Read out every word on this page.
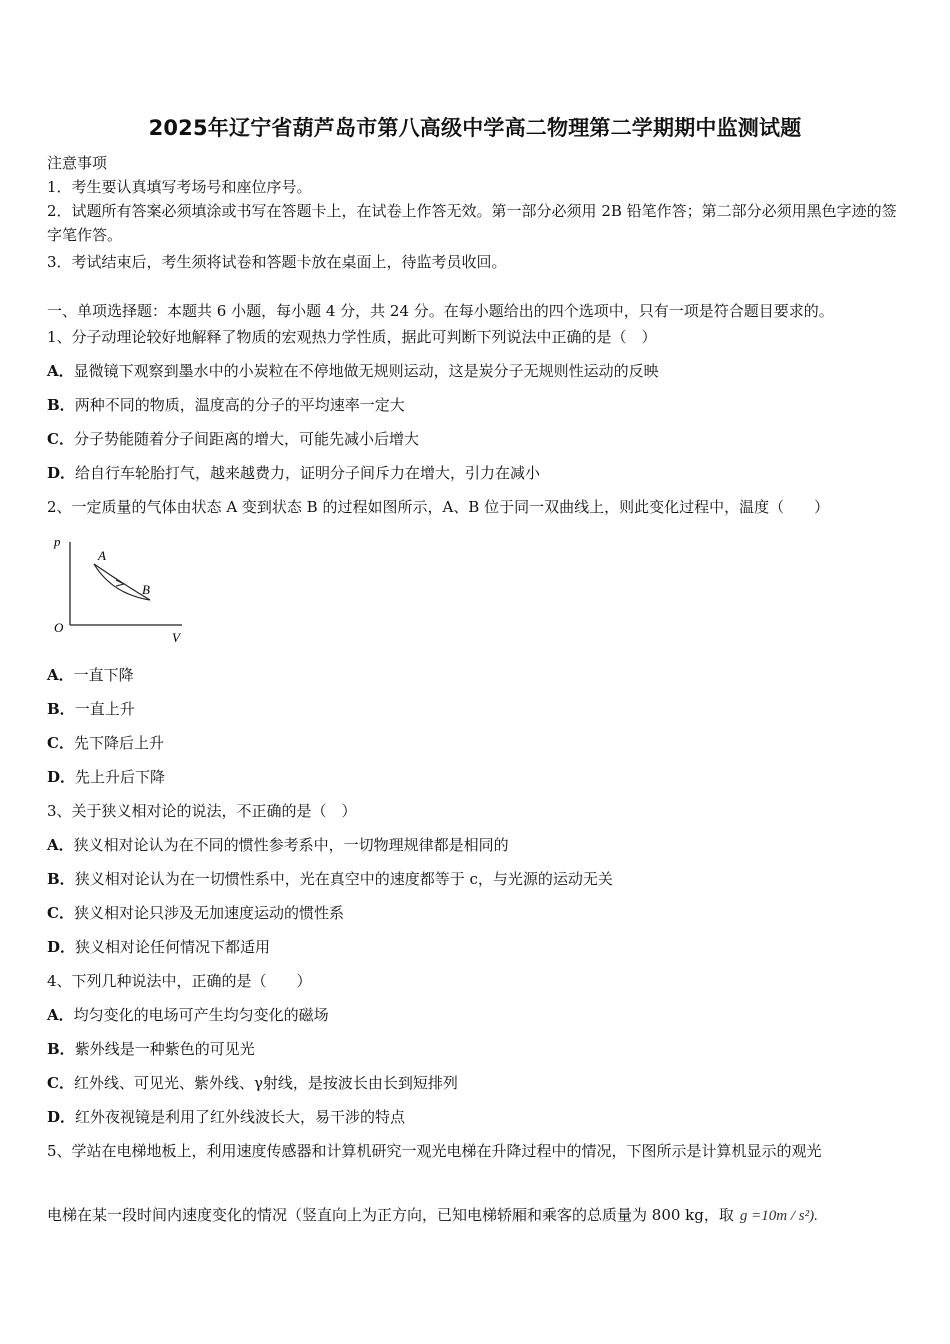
2025年辽宁省葫芦岛市第八高级中学高二物理第二学期期中监测试题
注意事项
1．考生要认真填写考场号和座位序号。
2．试题所有答案必须填涂或书写在答题卡上，在试卷上作答无效。第一部分必须用 2B 铅笔作答；第二部分必须用黑色字迹的签字笔作答。
3．考试结束后，考生须将试卷和答题卡放在桌面上，待监考员收回。
一、单项选择题：本题共 6 小题，每小题 4 分，共 24 分。在每小题给出的四个选项中，只有一项是符合题目要求的。
1、分子动理论较好地解释了物质的宏观热力学性质，据此可判断下列说法中正确的是（　）
A．显微镜下观察到墨水中的小炭粒在不停地做无规则运动，这是炭分子无规则性运动的反映
B．两种不同的物质，温度高的分子的平均速率一定大
C．分子势能随着分子间距离的增大，可能先减小后增大
D．给自行车轮胎打气，越来越费力，证明分子间斥力在增大，引力在减小
2、一定质量的气体由状态 A 变到状态 B 的过程如图所示，A、B 位于同一双曲线上，则此变化过程中，温度（　　）
p
V
O
A
B
A．一直下降
B．一直上升
C．先下降后上升
D．先上升后下降
3、关于狭义相对论的说法，不正确的是（　）
A．狭义相对论认为在不同的惯性参考系中，一切物理规律都是相同的
B．狭义相对论认为在一切惯性系中，光在真空中的速度都等于 c，与光源的运动无关
C．狭义相对论只涉及无加速度运动的惯性系
D．狭义相对论任何情况下都适用
4、下列几种说法中，正确的是（　　）
A．均匀变化的电场可产生均匀变化的磁场
B．紫外线是一种紫色的可见光
C．红外线、可见光、紫外线、γ射线，是按波长由长到短排列
D．红外夜视镜是利用了红外线波长大，易干涉的特点
5、学站在电梯地板上，利用速度传感器和计算机研究一观光电梯在升降过程中的情况，下图所示是计算机显示的观光
电梯在某一段时间内速度变化的情况（竖直向上为正方向，已知电梯轿厢和乘客的总质量为 800 kg，取 g =10m / s²).
